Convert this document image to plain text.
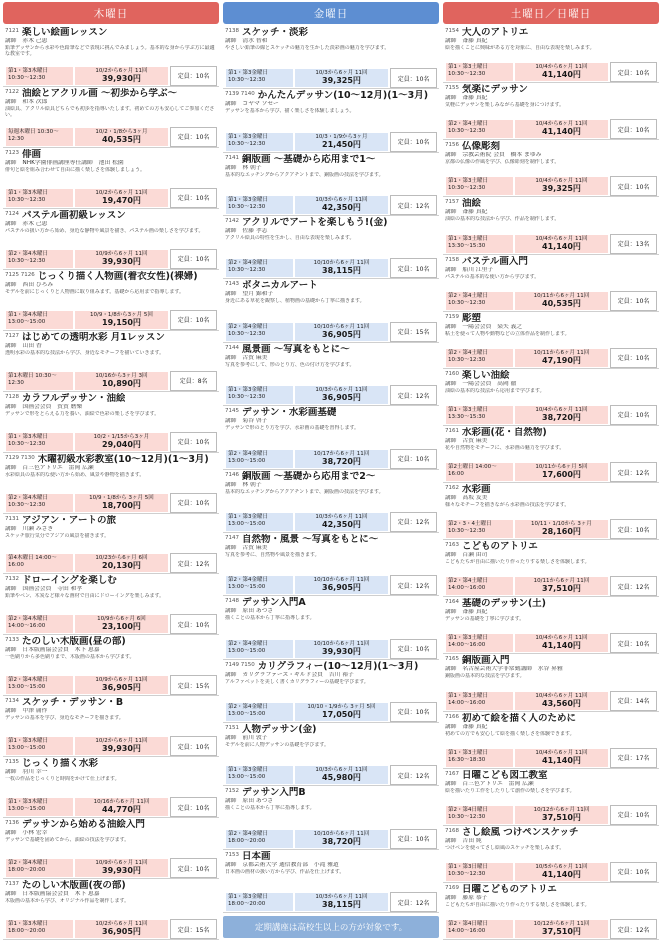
木曜日
7121 楽しい絵画レッスン
講師　赤木 己恵
鉛筆デッサンから水彩や色鉛筆などで表現に挑んでみましょう。基本的な身から学ぶ方に最適な教室です。
第1・第3木曜日 10:30〜12:30
10/2から6ヶ月 11回
39,930円	定員：10名
7122 油絵とアクリル画 〜初歩から学ぶ〜
講師　和本 次郎
油絵具、アクリル絵具どちらでも初歩を指導いたします。初めての方も安心してご参加ください。
毎週木曜日 10:30〜12:30
10/2・1/8から3ヶ月
40,535円	定員：10名
7123 俳画
講師　NHK学園俳画講座専任講師　池田 松園
俳句と絵を組み合わせて自由に描く楽しさを体験しましょう。
第1・第3木曜日 10:30〜12:30
10/2から6ヶ月 11回
19,470円	定員：10名
7124 パステル画初級レッスン
講師　赤木 己恵
パステルの扱い方から始め、身近な静物や風景を描き、パステル画の楽しさを学びます。
第2・第4木曜日 10:30〜12:30
10/9から6ヶ月 11回
39,930円	定員：10名
7125 7126 じっくり描く人物画(着衣女性)(裸婦)
講師　西田 ひろみ
モデルを前にじっくりと人物画に取り組みます。基礎から応用まで指導します。
第1・第4木曜日 13:00〜15:00
10/9・1/8から3ヶ月 5回
19,150円	定員：10名
7127 はじめての透明水彩 月1レッスン
講師　山田 香
透明水彩の基本的な技法から学び、身近なモチーフを描いていきます。
第1木曜日 10:30〜12:30
10/16から3ヶ月 3回
10,890円	定員：8名
7128 カラフルデッサン・油絵
講師　国画会会員　賀賀 磨樂
デッサンで形をとらえる力を養い、油絵で色彩の楽しさを学びます。
第1・第3木曜日 10:30〜12:30
10/2・1/15から3ヶ月
29,040円	定員：10名
7129 7130 木曜初級水彩教室(10〜12月)(1〜3月)
講師　百三色アトリエ　雷岡 広瀬
水彩絵具の基本的な使い方から始め、風景や静物を描きます。
第2・第4木曜日 10:30〜12:30
10/9・1/8から 3ヶ月 5回
18,700円	定員：10名
7131 アジアン・アートの旅
講師　川瀬 みさき
スケッチ旅行気分でアジアの風景を描きます。
第4木曜日 14:00〜16:00
10/23から6ヶ月 6回
20,130円	定員：12名
7132 ドローイングを楽しむ
講師　国画会会員　寺田 和孝
鉛筆やペン、木炭など様々な画材で自由にドローイングを楽しみます。
第2・第4木曜日 14:00〜16:00
10/9から6ヶ月 6回
23,100円	定員：10名
7133 たのしい木版画(昼の部)
講師　日本版画協会会員　木下 恵嘉
一色刷りから多色刷りまで、木版画の基本から学びます。
第2・第4木曜日 13:00〜15:00
10/9から6ヶ月 11回
36,905円	定員：15名
7134 スケッチ・デッサン・B
講師　中澤 庸作
デッサンの基本を学び、身近なモチーフを描きます。
第1・第3木曜日 13:00〜15:00
10/2から6ヶ月 11回
39,930円	定員：10名
7135 じっくり描く水彩
講師　羽川 幸一
一枚の作品をじっくりと時間をかけて仕上げます。
第1・第3木曜日 13:00〜15:00
10/16から6ヶ月 11回
44,770円	定員：10名
7136 デッサンから始める油絵入門
講師　小林 宏幸
デッサンで基礎を固めてから、油絵の技法を学びます。
第2・第4木曜日 18:00〜20:00
10/9から6ヶ月 11回
39,930円	定員：10名
7137 たのしい木版画(夜の部)
講師　日本版画協会会員　木下 恵嘉
木版画の基本から学び、オリジナル作品を制作します。
第1・第3木曜日 18:00〜20:00
10/2から6ヶ月 11回
36,905円	定員：15名
金曜日
7138 スケッチ・淡彩
講師　清水 智和
やさしい鉛筆の線とスケッチの魅力を生かした淡彩画の魅力を学びます。
第1・第3金曜日 10:30〜12:30
10/3から6ヶ月 11回
39,325円	定員：10名
7139 7140 かんたんデッサン(10〜12月)(1〜3月)
講師　コヤマ ソセー
デッサンを基本から学び、描く楽しさを体験しましょう。
第1・第3金曜日 10:30〜12:30
10/3・1/9から3ヶ月
21,450円	定員：10名
7141 銅版画 〜基礎から応用まで1〜
講師　林 朝子
基本的なエッチングからアクアチントまで、銅版画の技法を学びます。
第1・第3金曜日 10:30〜12:30
10/3から6ヶ月 11回
42,350円	定員：12名
7142 アクリルでアートを楽しもう!(金)
講師　佐藤 孝志
アクリル絵具の特性を生かし、自由な表現を楽しみます。
第2・第4金曜日 10:30〜12:30
10/10から6ヶ月 11回
38,115円	定員：10名
7143 ボタニカルアート
講師　望月 錦和子
身近にある草花を観察し、植物画の基礎から丁寧に描きます。
第2・第4金曜日 10:30〜12:30
10/10から6ヶ月 11回
36,905円	定員：15名
7144 風景画 〜写真をもとに〜
講師　古賀 麻美
写真を参考にして、形のとり方、色の付け方を学びます。
第1・第3金曜日 10:30〜12:30
10/3から6ヶ月 11回
36,905円	定員：12名
7145 デッサン・水彩画基礎
講師　菊谷 啓子
デッサンで形のとり方を学び、水彩画の基礎を習得します。
第2・第4金曜日 13:00〜15:00
10/17から6ヶ月 11回
38,720円	定員：10名
7146 銅版画 〜基礎から応用まで2〜
講師　林 朝子
基本的なエッチングからアクアチントまで、銅版画の技法を学びます。
第1・第3金曜日 13:00〜15:00
10/3から6ヶ月 11回
42,350円	定員：12名
7147 自然物・風景 〜写真をもとに〜
講師　古賀 麻美
写真を参考に、自然物や風景を描きます。
第2・第4金曜日 13:00〜15:00
10/10から6ヶ月 11回
36,905円	定員：12名
7148 デッサン入門A
講師　原田 あつさ
描くことの基本から丁寧に指導します。
第2・第4金曜日 13:00〜15:00
10/10から6ヶ月 11回
39,930円	定員：10名
7149 7150 カリグラフィー(10〜12月)(1〜3月)
講師　カリグラファーズ・ギルド会員　吉川 裕子
アルファベットを美しく書くカリグラフィーの基礎を学びます。
第2・第4金曜日 13:00〜15:00
10/10・1/9から 3ヶ月 5回
17,050円	定員：10名
7151 人物デッサン(金)
講師　前川 敦子
モデルを前に人物デッサンの基礎を学びます。
第1・第3金曜日 13:00〜15:00
10/3から6ヶ月 11回
45,980円	定員：12名
7152 デッサン入門B
講師　原田 あつさ
描くことの基本から丁寧に指導します。
第2・第4金曜日 18:00〜20:00
10/10から6ヶ月 11回
38,720円	定員：10名
7153 日本画
講師　京都芸術大学 通信教育部　小滝 雅道
日本画の画材の扱い方から学び、作品を仕上げます。
第1・第3金曜日 18:00〜20:00
10/3から6ヶ月 11回
38,115円	定員：12名
定期講座は高校生以上の方が対象です。
土曜日／日曜日
7154 大人のアトリエ
講師　斎藤 真紀
絵を描くことに興味がある方を対象に、自由な表現を楽しみます。
第1・第3土曜日 10:30〜12:30
10/4から6ヶ月 11回
41,140円	定員：10名
7155 気楽にデッサン
講師　斎藤 真紀
気軽にデッサンを楽しみながら基礎を身につけます。
第2・第4土曜日 10:30〜12:30
10/4から6ヶ月 11回
41,140円	定員：10名
7156 仏像彫刻
講師　宗教芸術院 会員　橋本 まゆみ
京都の仏像の作風を学び、仏像彫刻を制作します。
第1・第3土曜日 10:30〜12:30
10/4から6ヶ月 11回
39,325円	定員：10名
7157 油絵
講師　斎藤 真紀
油絵の基本的な技法から学び、作品を制作します。
第1・第3土曜日 13:30〜15:30
10/4から6ヶ月 11回
41,140円	定員：13名
7158 パステル画入門
講師　船川 江里子
パステルの基本的な使い方から学びます。
第2・第4土曜日 10:30〜12:30
10/11から6ヶ月 11回
40,535円	定員：10名
7159 彫塑
講師　一陽会会員　染矢 義之
粘土を使って人物や動物などの立体作品を制作します。
第2・第4土曜日 10:30〜12:30
10/11から6ヶ月 11回
47,190円	定員：10名
7160 楽しい油絵
講師　一陽会会員　高岡 徹
油絵の基本的な技法から応用まで学びます。
第1・第3土曜日 13:30〜15:30
10/4から6ヶ月 11回
38,720円	定員：10名
7161 水彩画(花・自然物)
講師　古賀 麻美
花や自然物をモチーフに、水彩画の魅力を学びます。
第2土曜日 14:00〜16:00
10/11から6ヶ月 5回
17,600円	定員：12名
7162 水彩画
講師　高坂 友美
様々なモチーフを描きながら水彩画の技法を学びます。
第2・3・4土曜日 10:30〜12:30
10/11・1/10から 3ヶ月
28,160円	定員：10名
7163 こどものアトリエ
講師　百瀬 由司
こどもたちが自由に描いたり作ったりする楽しさを体験します。
第2・第4土曜日 14:00〜16:00
10/11から6ヶ月 11回
37,510円	定員：12名
7164 基礎のデッサン(土)
講師　斎藤 真紀
デッサンの基礎を丁寧に学びます。
第1・第3土曜日 14:00〜16:00
10/4から6ヶ月 11回
41,140円	定員：10名
7165 銅版画入門
講師　名古屋芸術大学非常勤講師　水谷 昇雅
銅版画の基本的な技法を学びます。
第1・第3土曜日 14:00〜16:00
10/4から6ヶ月 11回
43,560円	定員：14名
7166 初めて絵を描く人のために
講師　斎藤 真紀
初めての方でも安心して絵を描く楽しさを体験できます。
第1・第3土曜日 16:30〜18:30
10/4から6ヶ月 11回
41,140円	定員：17名
7167 日曜こども図工教室
講師　百三色アトリエ　雷岡 広瀬
絵を描いたり工作をしたりして創作の楽しさを学びます。
第2・第4日曜日 10:30〜12:30
10/12から6ヶ月 11回
37,510円	定員：10名
7168 さし絵風 つけペンスケッチ
講師　吉田 純
つけペンを使ってさし絵風のスケッチを楽しみます。
第1・第3日曜日 10:30〜12:30
10/5から6ヶ月 11回
41,140円	定員：10名
7169 日曜こどものアトリエ
講師　藤原 恭子
こどもたちが自由に描いたり作ったりする楽しさを体験します。
第2・第4日曜日 14:00〜16:00
10/12から6ヶ月 11回
37,510円	定員：12名
